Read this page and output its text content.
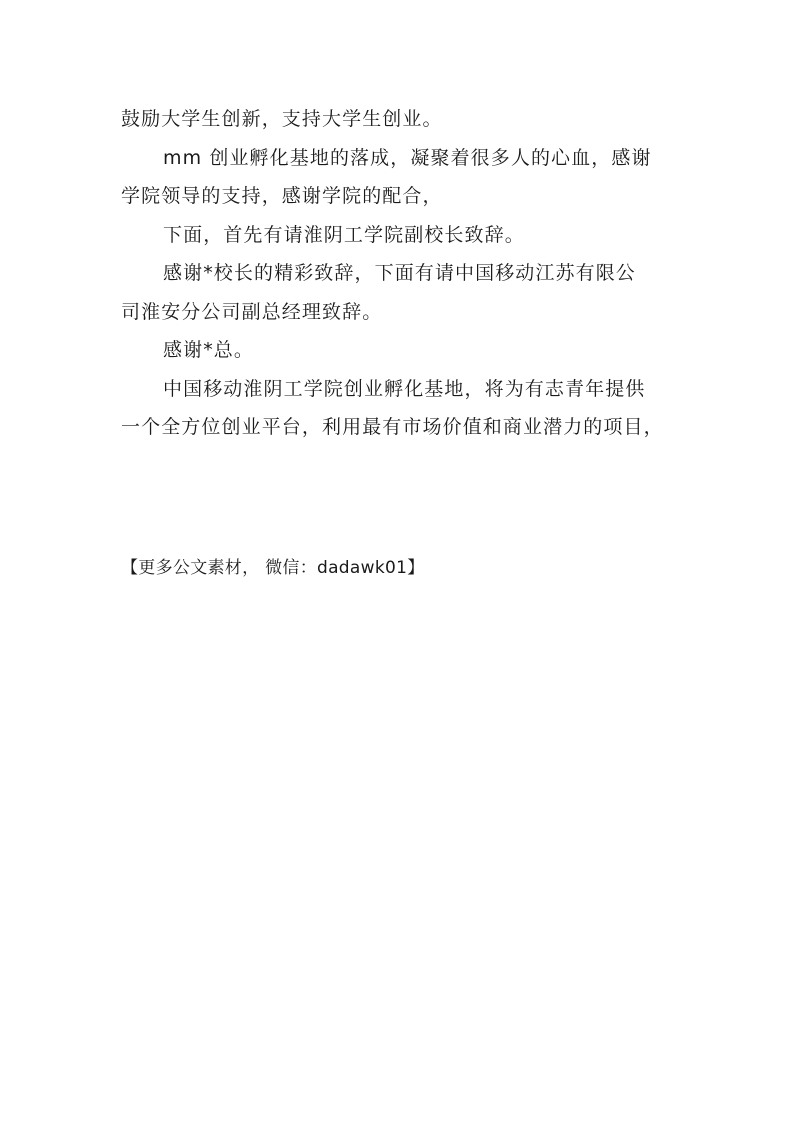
鼓励大学生创新，支持大学生创业。

mm 创业孵化基地的落成，凝聚着很多人的心血，感谢

学院领导的支持，感谢学院的配合，

下面，首先有请淮阴工学院副校长致辞。

感谢*校长的精彩致辞，下面有请中国移动江苏有限公

司淮安分公司副总经理致辞。

感谢*总。

中国移动淮阴工学院创业孵化基地，将为有志青年提供

一个全方位创业平台，利用最有市场价值和商业潜力的项目，

【更多公文素材， 微信：dadawk01】
